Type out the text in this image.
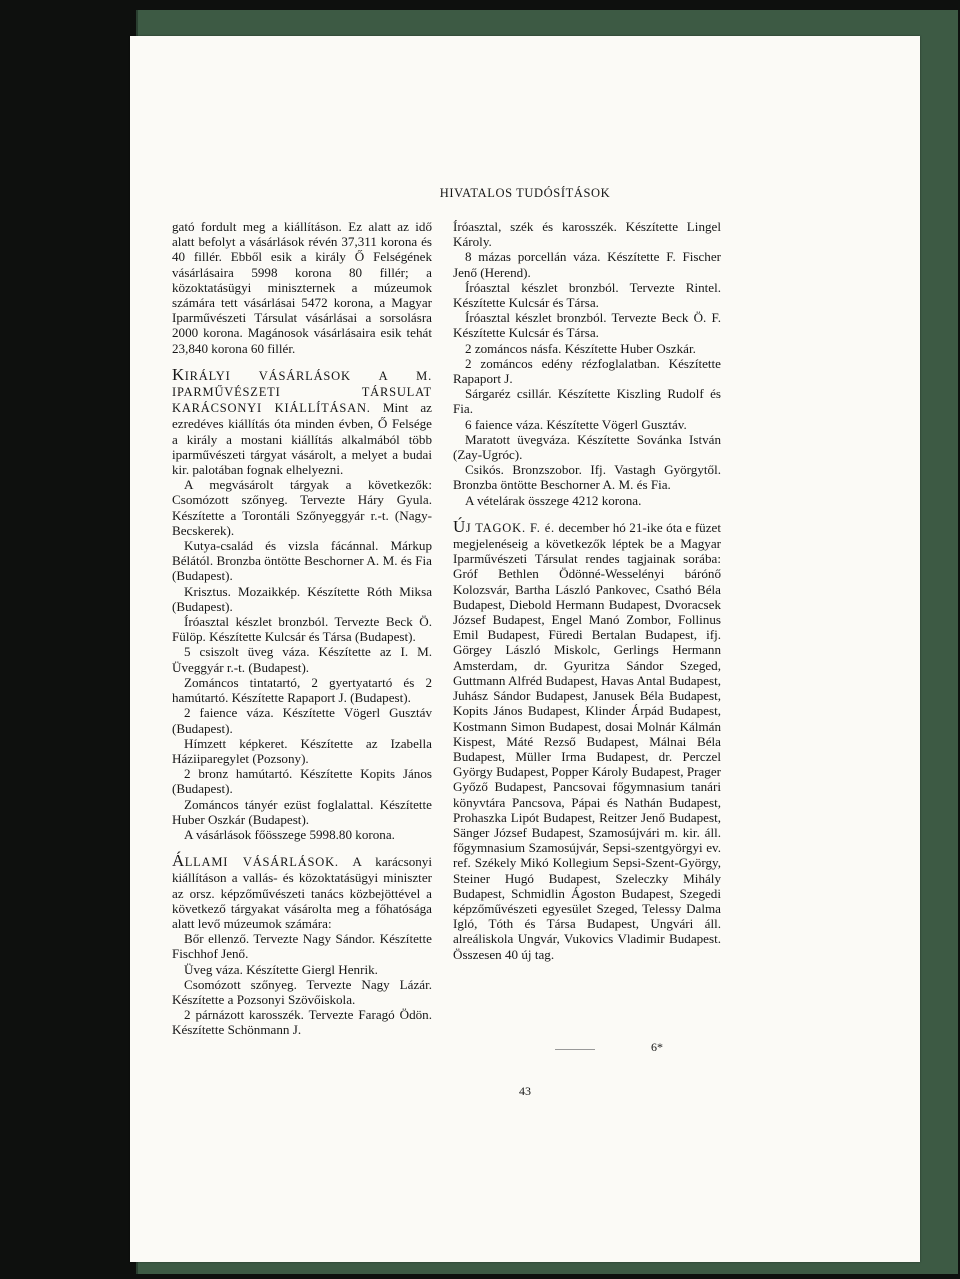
HIVATALOS TUDÓSÍTÁSOK

gató fordult meg a kiállításon. Ez alatt az idő alatt befolyt a vásárlások révén 37,311 korona és 40 fillér. Ebből esik a király Ő Felségének vásárlásaira 5998 korona 80 fillér; a közoktatásügyi miniszternek a múzeumok számára tett vásárlásai 5472 korona, a Magyar Iparművészeti Társulat vásárlásai a sorsolásra 2000 korona. Magánosok vásárlásaira esik tehát 23,840 korona 60 fillér.

KIRÁLYI VÁSÁRLÁSOK A M. IPARMŰVÉSZETI TÁRSULAT KARÁCSONYI KIÁLLÍTÁSAN. Mint az ezredéves kiállítás óta minden évben, Ő Felsége a király a mostani kiállítás alkalmából több iparművészeti tárgyat vásárolt, a melyet a budai kir. palotában fognak elhelyezni.

A megvásárolt tárgyak a következők: Csomózott szőnyeg. Tervezte Háry Gyula. Készítette a Torontáli Szőnyeggyár r.-t. (Nagy-Becskerek).

Kutya-család és vizsla fácánnal. Márkup Bélától. Bronzba öntötte Beschorner A. M. és Fia (Budapest).

Krisztus. Mozaikkép. Készítette Róth Miksa (Budapest).

Íróasztal készlet bronzból. Tervezte Beck Ö. Fülöp. Készítette Kulcsár és Társa (Budapest).

5 csiszolt üveg váza. Készítette az I. M. Üveggyár r.-t. (Budapest).

Zománcos tintatartó, 2 gyertyatartó és 2 hamútartó. Készítette Rapaport J. (Budapest).

2 faience váza. Készítette Vögerl Gusztáv (Budapest).

Hímzett képkeret. Készítette az Izabella Háziiparegylet (Pozsony).

2 bronz hamútartó. Készítette Kopits János (Budapest).

Zománcos tányér ezüst foglalattal. Készítette Huber Oszkár (Budapest).

A vásárlások főösszege 5998.80 korona.

ÁLLAMI VÁSÁRLÁSOK. A karácsonyi kiállításon a vallás- és közoktatásügyi miniszter az orsz. képzőművészeti tanács közbejöttével a következő tárgyakat vásárolta meg a főhatósága alatt levő múzeumok számára:

Bőr ellenző. Tervezte Nagy Sándor. Készítette Fischhof Jenő.

Üveg váza. Készítette Giergl Henrik.

Csomózott szőnyeg. Tervezte Nagy Lázár. Készítette a Pozsonyi Szövőiskola.

2 párnázott karosszék. Tervezte Faragó Ödön. Készítette Schönmann J.

Íróasztal, szék és karosszék. Készítette Lingel Károly.

8 mázas porcellán váza. Készítette F. Fischer Jenő (Herend).

Íróasztal készlet bronzból. Tervezte Rintel. Készítette Kulcsár és Társa.

Íróasztal készlet bronzból. Tervezte Beck Ö. F. Készítette Kulcsár és Társa.

2 zománcos násfa. Készítette Huber Oszkár.

2 zománcos edény rézfoglalatban. Készítette Rapaport J.

Sárgaréz csillár. Készítette Kiszling Rudolf és Fia.

6 faience váza. Készítette Vögerl Gusztáv.

Maratott üvegváza. Készítette Sovánka István (Zay-Ugróc).

Csikós. Bronzszobor. Ifj. Vastagh Györgytől. Bronzba öntötte Beschorner A. M. és Fia.

A vételárak összege 4212 korona.

ÚJ TAGOK. F. é. december hó 21-ike óta e füzet megjelenéseig a következők léptek be a Magyar Iparművészeti Társulat rendes tagjainak sorába: Gróf Bethlen Ödönné-Wesselényi bárónő Kolozsvár, Bartha László Pankovec, Csathó Béla Budapest, Diebold Hermann Budapest, Dvoracsek József Budapest, Engel Manó Zombor, Follinus Emil Budapest, Füredi Bertalan Budapest, ifj. Görgey László Miskolc, Gerlings Hermann Amsterdam, dr. Gyuritza Sándor Szeged, Guttmann Alfréd Budapest, Havas Antal Budapest, Juhász Sándor Budapest, Janusek Béla Budapest, Kopits János Budapest, Klinder Árpád Budapest, Kostmann Simon Budapest, dosai Molnár Kálmán Kispest, Máté Rezső Budapest, Málnai Béla Budapest, Müller Irma Budapest, dr. Perczel György Budapest, Popper Károly Budapest, Prager Győző Budapest, Pancsovai főgymnasium tanári könyvtára Pancsova, Pápai és Nathán Budapest, Prohaszka Lipót Budapest, Reitzer Jenő Budapest, Sänger József Budapest, Szamosújvári m. kir. áll. főgymnasium Szamosújvár, Sepsi-szentgyörgyi ev. ref. Székely Mikó Kollegium Sepsi-Szent-György, Steiner Hugó Budapest, Szeleczky Mihály Budapest, Schmidlin Ágoston Budapest, Szegedi képzőművészeti egyesület Szeged, Telessy Dalma Igló, Tóth és Társa Budapest, Ungvári áll. alreáliskola Ungvár, Vukovics Vladimir Budapest. Összesen 40 új tag.

6*
43
